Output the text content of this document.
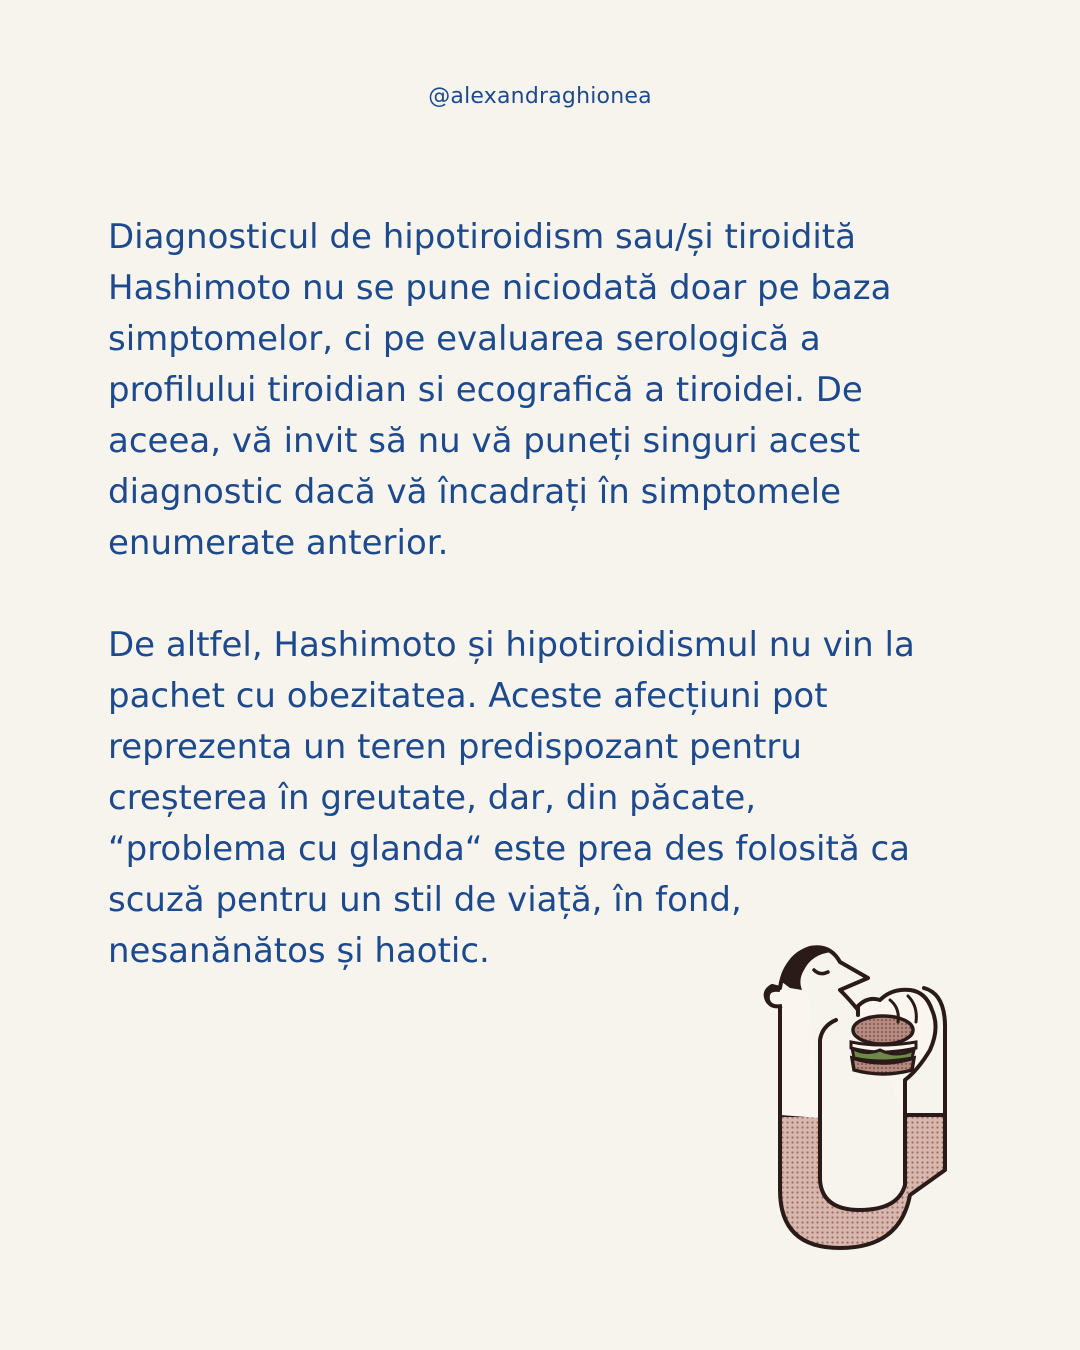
@alexandraghionea

Diagnosticul de hipotiroidism sau/și tiroidită
Hashimoto nu se pune niciodată doar pe baza
simptomelor, ci pe evaluarea serologică a
profilului tiroidian si ecografică a tiroidei. De
aceea, vă invit să nu vă puneți singuri acest
diagnostic dacă vă încadrați în simptomele
enumerate anterior.

De altfel, Hashimoto și hipotiroidismul nu vin la
pachet cu obezitatea. Aceste afecțiuni pot
reprezenta un teren predispozant pentru
creșterea în greutate, dar, din păcate,
“problema cu glanda“ este prea des folosită ca
scuză pentru un stil de viață, în fond,
nesanănătos și haotic.
